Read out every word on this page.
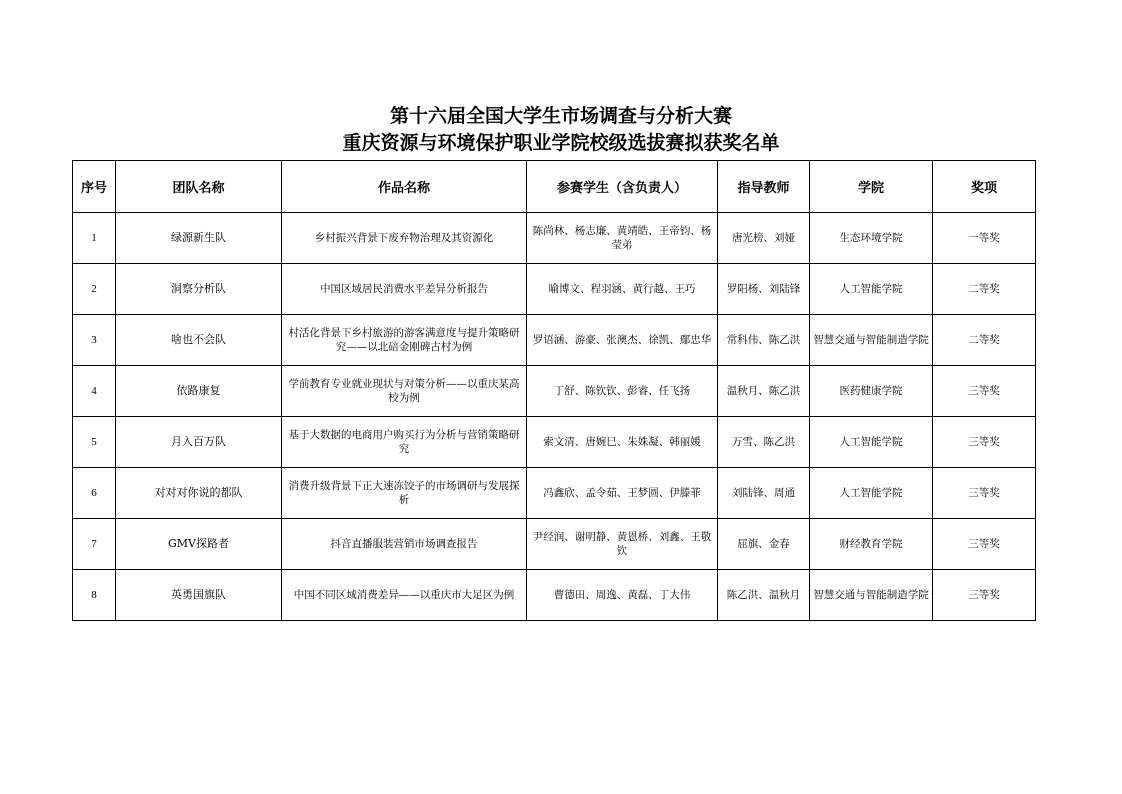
第十六届全国大学生市场调查与分析大赛
重庆资源与环境保护职业学院校级选拔赛拟获奖名单
序号	团队名称	作品名称	参赛学生（含负责人）	指导教师	学院	奖项
1	绿源新生队	乡村振兴背景下废弃物治理及其资源化	陈尚林、杨志廉、黄靖皓、王帝钧、杨莹弟	唐光榜、刘娅	生态环境学院	一等奖
2	洞察分析队	中国区域居民消费水平差异分析报告	喻博文、程羽涵、黄行越、王巧	罗阳杨、刘陆锋	人工智能学院	二等奖
3	啥也不会队	村活化背景下乡村旅游的游客满意度与提升策略研究——以北碚金刚碑古村为例	罗语涵、游豪、张澳杰、徐凯、鄢忠华	常科伟、陈乙洪	智慧交通与智能制造学院	二等奖
4	依路康复	学前教育专业就业现状与对策分析——以重庆某高校为例	丁舒、陈钦钦、彭睿、任飞扬	温秋月、陈乙洪	医药健康学院	三等奖
5	月入百万队	基于大数据的电商用户购买行为分析与营销策略研究	索文清、唐婉巳、朱姝凝、韩丽媛	万雪、陈乙洪	人工智能学院	三等奖
6	对对对你说的都队	消费升级背景下正大速冻饺子的市场调研与发展探析	冯鑫欣、孟令茹、王梦圆、伊滕菲	刘陆锋、周通	人工智能学院	三等奖
7	GMV探路者	抖音直播服装营销市场调查报告	尹经润、谢明静、黄恩桥、刘鑫、王敬钦	屈旗、金春	财经教育学院	三等奖
8	英勇国旗队	中国不同区域消费差异——以重庆市大足区为例	曹德田、周逸、黄磊、丁大伟	陈乙洪、温秋月	智慧交通与智能制造学院	三等奖
